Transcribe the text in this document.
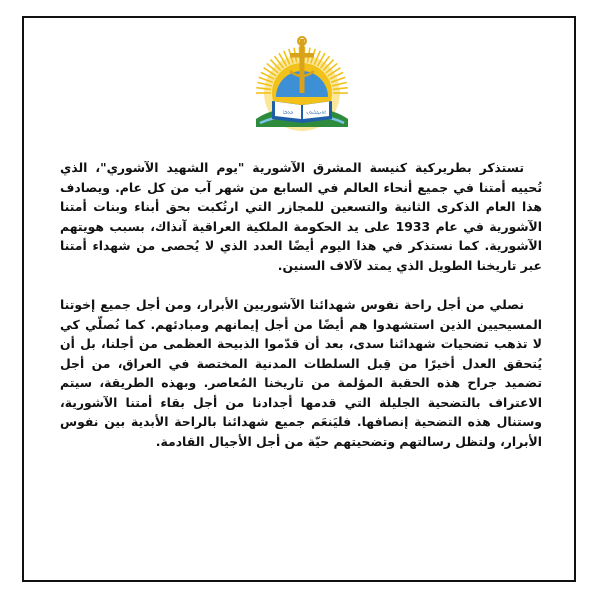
ܐܘܢܓܠܝܘܢ
ܟܬܒܐ

تستذكر بطريركية كنيسة المشرق الآشورية "يوم الشهيد الآشوري"، الذي تُحييه أمتنا في جميع أنحاء العالم في السابع من شهر آب من كل عام. ويصادف هذا العام الذكرى الثانية والتسعين للمجازر التي ارتُكبت بحق أبناء وبنات أمتنا الآشورية في عام 1933 على يد الحكومة الملكية العراقية آنذاك، بسبب هويتهم الآشورية. كما نستذكر في هذا اليوم أيضًا العدد الذي لا يُحصى من شهداء أمتنا عبر تاريخنا الطويل الذي يمتد لآلاف السنين.

نصلي من أجل راحة نفوس شهدائنا الآشوريين الأبرار، ومن أجل جميع إخوتنا المسيحيين الذين استشهدوا هم أيضًا من أجل إيمانهم ومبادئهم. كما نُصلّي كي لا تذهب تضحيات شهدائنا سدى، بعد أن قدّموا الذبيحة العظمى من أجلنا، بل أن يُتحقق العدل أخيرًا من قِبل السلطات المدنية المختصة في العراق، من أجل تضميد جراح هذه الحقبة المؤلمة من تاريخنا المُعاصر. وبهذه الطريقة، سيتم الاعتراف بالتضحية الجليلة التي قدمها أجدادنا من أجل بقاء أمتنا الآشورية، وستنال هذه التضحية إنصافها. فليَنعَم جميع شهدائنا بالراحة الأبدية بين نفوس الأبرار، ولتظل رسالتهم وتضحيتهم حيّة من أجل الأجيال القادمة.
